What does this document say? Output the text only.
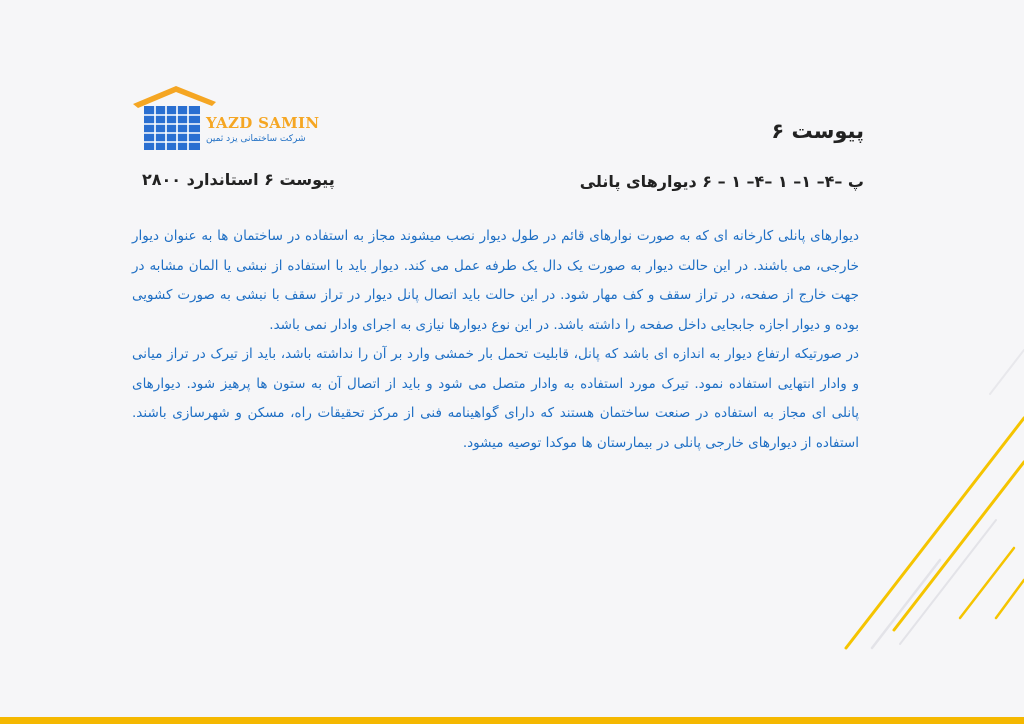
YAZD SAMIN
شرکت ساختمانی یزد ثمین	پیوست ۶
پ –۴– ۱– ۱ –۴– ۱ – ۶ دیوارهای پانلی
پیوست ۶ استاندارد ۲۸۰۰

دیوارهای پانلی کارخانه ای که به صورت نوارهای قائم در طول دیوار نصب میشوند مجاز به استفاده در ساختمان ها به عنوان دیوار خارجی، می باشند. در این حالت دیوار به صورت یک دال یک طرفه عمل می کند. دیوار باید با استفاده از نبشی یا المان مشابه در جهت خارج از صفحه، در تراز سقف و کف مهار شود. در این حالت باید اتصال پانل دیوار در تراز سقف با نبشی به صورت کشویی بوده و دیوار اجازه جابجایی داخل صفحه را داشته باشد. در این نوع دیوارها نیازی به اجرای وادار نمی باشد.

در صورتیکه ارتفاع دیوار به اندازه ای باشد که پانل، قابلیت تحمل بار خمشی وارد بر آن را نداشته باشد، باید از تیرک در تراز میانی و وادار انتهایی استفاده نمود. تیرک مورد استفاده به وادار متصل می شود و باید از اتصال آن به ستون ها پرهیز شود. دیوارهای پانلی ای مجاز به استفاده در صنعت ساختمان هستند که دارای گواهینامه فنی از مرکز تحقیقات راه، مسکن و شهرسازی باشند. استفاده از دیوارهای خارجی پانلی در بیمارستان ها موکدا توصیه میشود.
